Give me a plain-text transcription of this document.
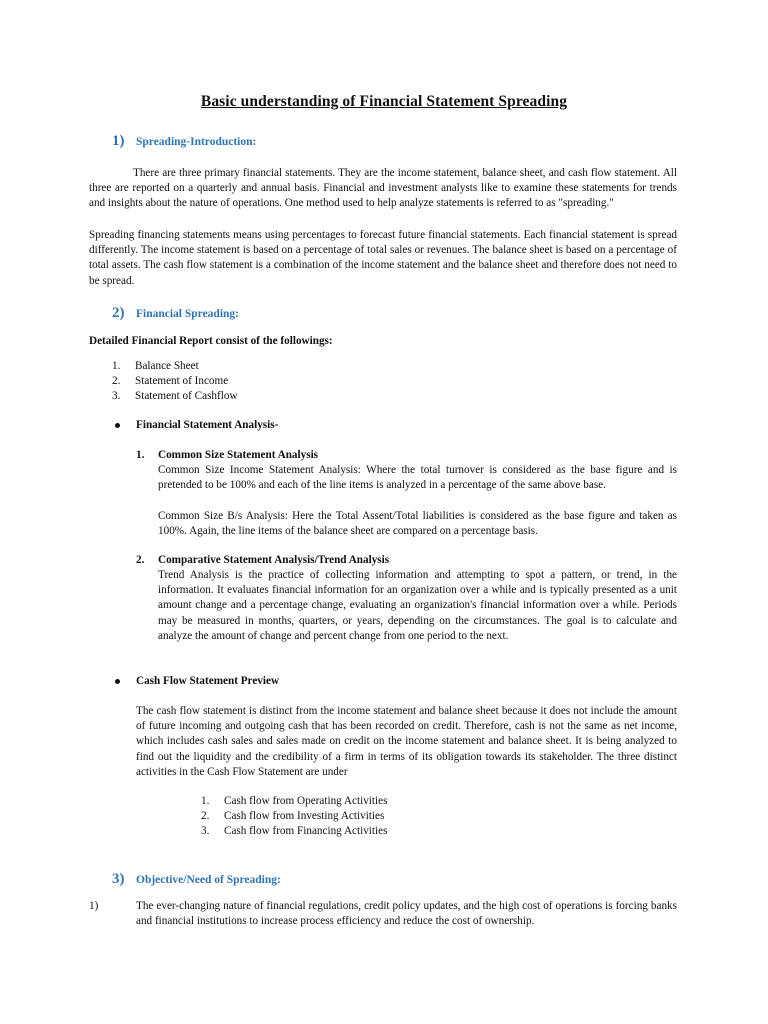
Basic understanding of Financial Statement Spreading
1) Spreading-Introduction:

There are three primary financial statements. They are the income statement, balance sheet, and cash flow statement. All three are reported on a quarterly and annual basis. Financial and investment analysts like to examine these statements for trends and insights about the nature of operations. One method used to help analyze statements is referred to as "spreading."

Spreading financing statements means using percentages to forecast future financial statements. Each financial statement is spread differently. The income statement is based on a percentage of total sales or revenues. The balance sheet is based on a percentage of total assets. The cash flow statement is a combination of the income statement and the balance sheet and therefore does not need to be spread.

2) Financial Spreading:
Detailed Financial Report consist of the followings:
1. Balance Sheet
2. Statement of Income
3. Statement of Cashflow
Financial Statement Analysis-
1. Common Size Statement Analysis

Common Size Income Statement Analysis: Where the total turnover is considered as the base figure and is pretended to be 100% and each of the line items is analyzed in a percentage of the same above base.

Common Size B/s Analysis: Here the Total Assent/Total liabilities is considered as the base figure and taken as 100%. Again, the line items of the balance sheet are compared on a percentage basis.

2. Comparative Statement Analysis/Trend Analysis

Trend Analysis is the practice of collecting information and attempting to spot a pattern, or trend, in the information. It evaluates financial information for an organization over a while and is typically presented as a unit amount change and a percentage change, evaluating an organization's financial information over a while. Periods may be measured in months, quarters, or years, depending on the circumstances. The goal is to calculate and analyze the amount of change and percent change from one period to the next.

Cash Flow Statement Preview

The cash flow statement is distinct from the income statement and balance sheet because it does not include the amount of future incoming and outgoing cash that has been recorded on credit. Therefore, cash is not the same as net income, which includes cash sales and sales made on credit on the income statement and balance sheet. It is being analyzed to find out the liquidity and the credibility of a firm in terms of its obligation towards its stakeholder. The three distinct activities in the Cash Flow Statement are under

1. Cash flow from Operating Activities
2. Cash flow from Investing Activities
3. Cash flow from Financing Activities
3) Objective/Need of Spreading:
1)	The ever-changing nature of financial regulations, credit policy updates, and the high cost of operations is forcing banks and financial institutions to increase process efficiency and reduce the cost of ownership.
